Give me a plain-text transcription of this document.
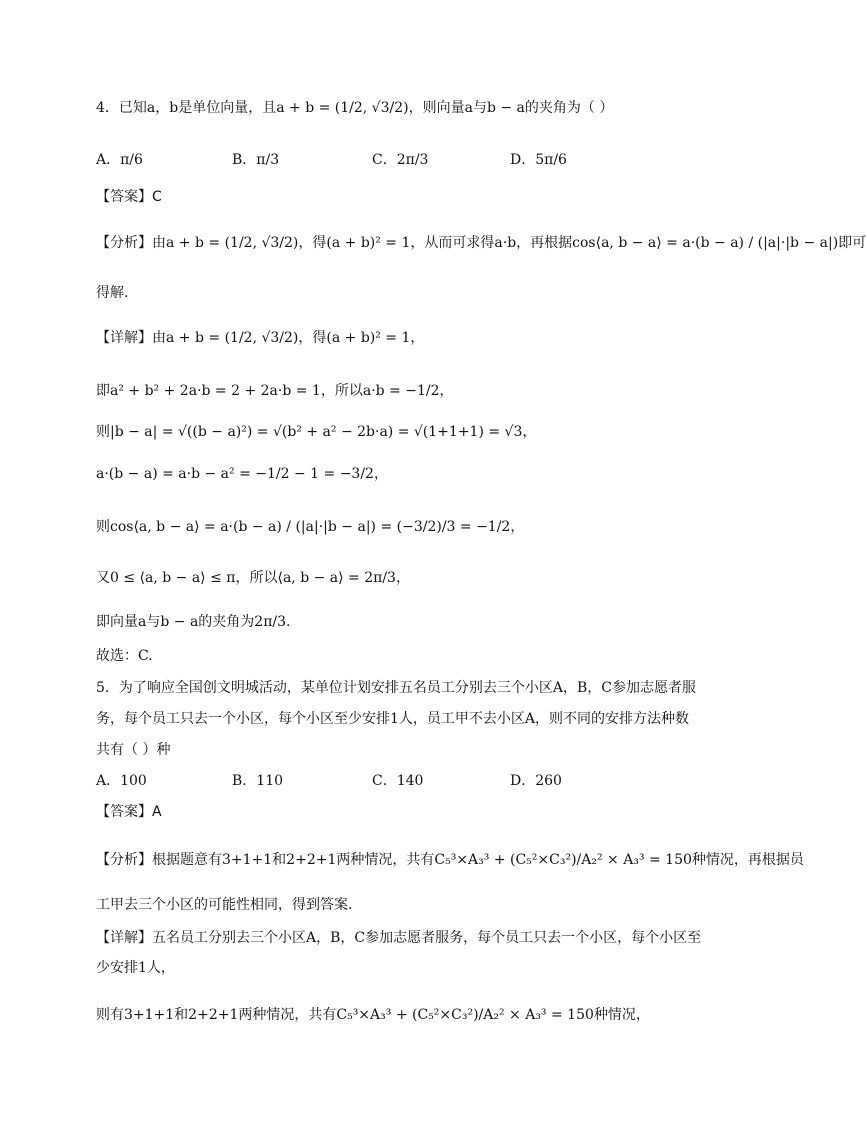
4．已知a，b是单位向量，且a + b = (1/2, √3/2)，则向量a与b − a的夹角为（ ）
A．π/6	B．π/3	C．2π/3	D．5π/6
【答案】C
【分析】由a + b = (1/2, √3/2)，得(a + b)² = 1，从而可求得a·b，再根据cos⟨a, b − a⟩ = a·(b − a) / (|a|·|b − a|)即可
得解.
【详解】由a + b = (1/2, √3/2)，得(a + b)² = 1，
即a² + b² + 2a·b = 2 + 2a·b = 1，所以a·b = −1/2，
则|b − a| = √((b − a)²) = √(b² + a² − 2b·a) = √(1+1+1) = √3，
a·(b − a) = a·b − a² = −1/2 − 1 = −3/2，
则cos⟨a, b − a⟩ = a·(b − a) / (|a|·|b − a|) = (−3/2)/3 = −1/2，
又0 ≤ ⟨a, b − a⟩ ≤ π，所以⟨a, b − a⟩ = 2π/3，
即向量a与b − a的夹角为2π/3.
故选：C.
5．为了响应全国创文明城活动，某单位计划安排五名员工分别去三个小区A，B，C参加志愿者服
务，每个员工只去一个小区，每个小区至少安排1人，员工甲不去小区A，则不同的安排方法种数
共有（ ）种
A．100	B．110	C．140	D．260
【答案】A
【分析】根据题意有3+1+1和2+2+1两种情况，共有C₅³×A₃³ + (C₅²×C₃²)/A₂² × A₃³ = 150种情况，再根据员
工甲去三个小区的可能性相同，得到答案.
【详解】五名员工分别去三个小区A，B，C参加志愿者服务，每个员工只去一个小区，每个小区至
少安排1人，
则有3+1+1和2+2+1两种情况，共有C₅³×A₃³ + (C₅²×C₃²)/A₂² × A₃³ = 150种情况，
